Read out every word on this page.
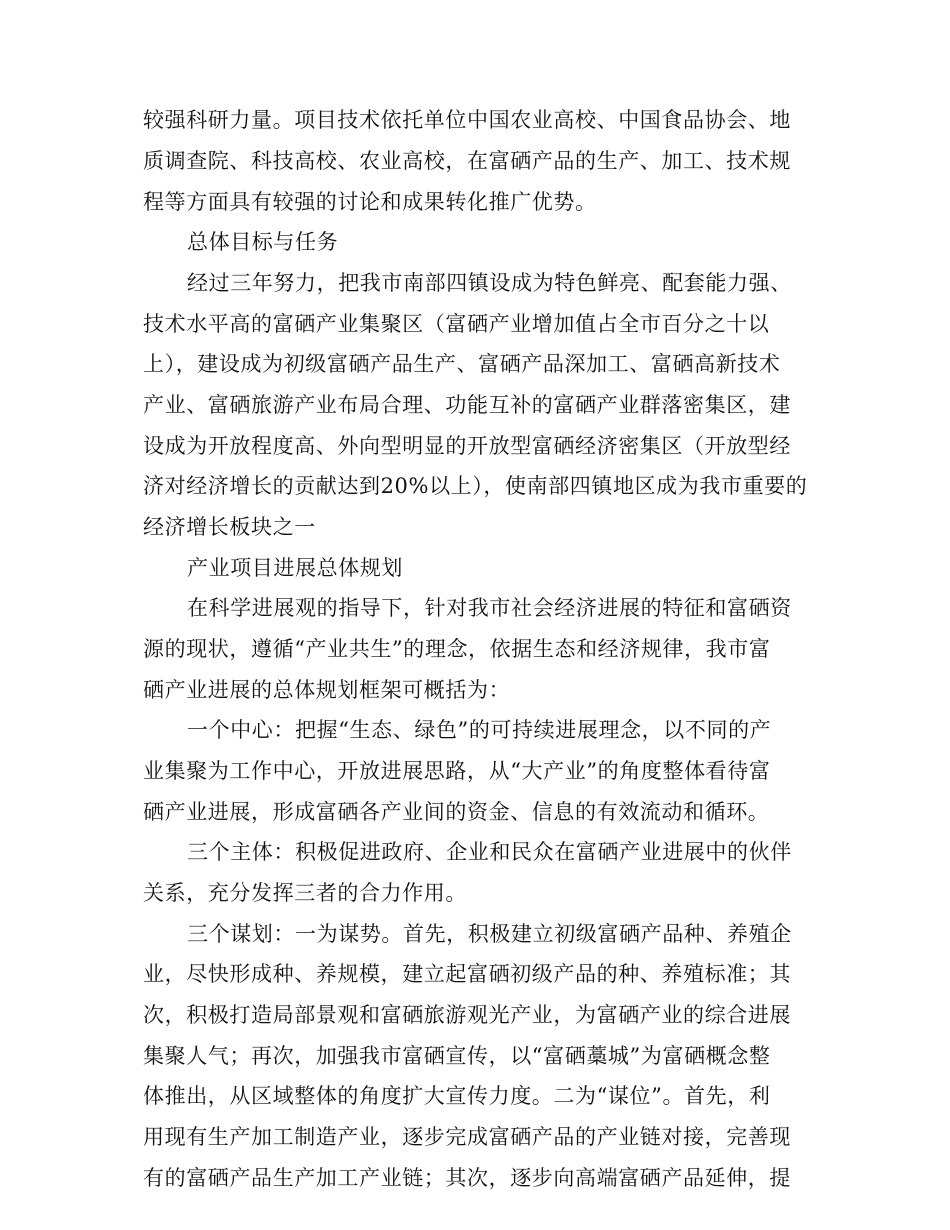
较强科研力量。项目技术依托单位中国农业高校、中国食品协会、地
质调查院、科技高校、农业高校，在富硒产品的生产、加工、技术规
程等方面具有较强的讨论和成果转化推广优势。
总体目标与任务
经过三年努力，把我市南部四镇设成为特色鲜亮、配套能力强、
技术水平高的富硒产业集聚区（富硒产业增加值占全市百分之十以
上），建设成为初级富硒产品生产、富硒产品深加工、富硒高新技术
产业、富硒旅游产业布局合理、功能互补的富硒产业群落密集区，建
设成为开放程度高、外向型明显的开放型富硒经济密集区（开放型经
济对经济增长的贡献达到20%以上），使南部四镇地区成为我市重要的
经济增长板块之一
产业项目进展总体规划
在科学进展观的指导下，针对我市社会经济进展的特征和富硒资
源的现状，遵循“产业共生”的理念，依据生态和经济规律，我市富
硒产业进展的总体规划框架可概括为：
一个中心：把握“生态、绿色”的可持续进展理念，以不同的产
业集聚为工作中心，开放进展思路，从“大产业”的角度整体看待富
硒产业进展，形成富硒各产业间的资金、信息的有效流动和循环。
三个主体：积极促进政府、企业和民众在富硒产业进展中的伙伴
关系，充分发挥三者的合力作用。
三个谋划：一为谋势。首先，积极建立初级富硒产品种、养殖企
业，尽快形成种、养规模，建立起富硒初级产品的种、养殖标准；其
次，积极打造局部景观和富硒旅游观光产业，为富硒产业的综合进展
集聚人气；再次，加强我市富硒宣传，以“富硒藁城”为富硒概念整
体推出，从区域整体的角度扩大宣传力度。二为“谋位”。首先，利
用现有生产加工制造产业，逐步完成富硒产品的产业链对接，完善现
有的富硒产品生产加工产业链；其次，逐步向高端富硒产品延伸，提
